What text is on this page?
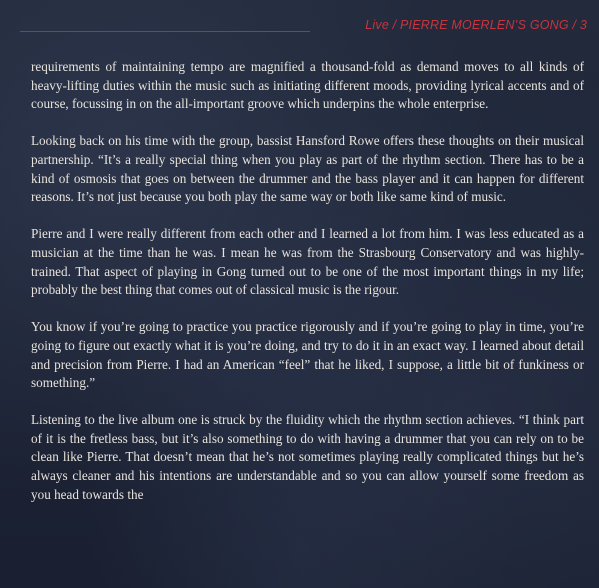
Live / PIERRE MOERLEN’S GONG / 3

requirements of maintaining tempo are magnified a thousand-fold as demand moves to all kinds of heavy-lifting duties within the music such as initiating different moods, providing lyrical accents and of course, focussing in on the all-important groove which underpins the whole enterprise.

Looking back on his time with the group, bassist Hansford Rowe offers these thoughts on their musical partnership. “It’s a really special thing when you play as part of the rhythm section. There has to be a kind of osmosis that goes on between the drummer and the bass player and it can happen for different reasons. It’s not just because you both play the same way or both like same kind of music.

Pierre and I were really different from each other and I learned a lot from him. I was less educated as a musician at the time than he was. I mean he was from the Strasbourg Conservatory and was highly-trained. That aspect of playing in Gong turned out to be one of the most important things in my life; probably the best thing that comes out of classical music is the rigour.

You know if you’re going to practice you practice rigorously and if you’re going to play in time, you’re going to figure out exactly what it is you’re doing, and try to do it in an exact way. I learned about detail and precision from Pierre. I had an American “feel” that he liked, I suppose, a little bit of funkiness or something.”

Listening to the live album one is struck by the fluidity which the rhythm section achieves. “I think part of it is the fretless bass, but it’s also something to do with having a drummer that you can rely on to be clean like Pierre. That doesn’t mean that he’s not sometimes playing really complicated things but he’s always cleaner and his intentions are understandable and so you can allow yourself some freedom as you head towards the
